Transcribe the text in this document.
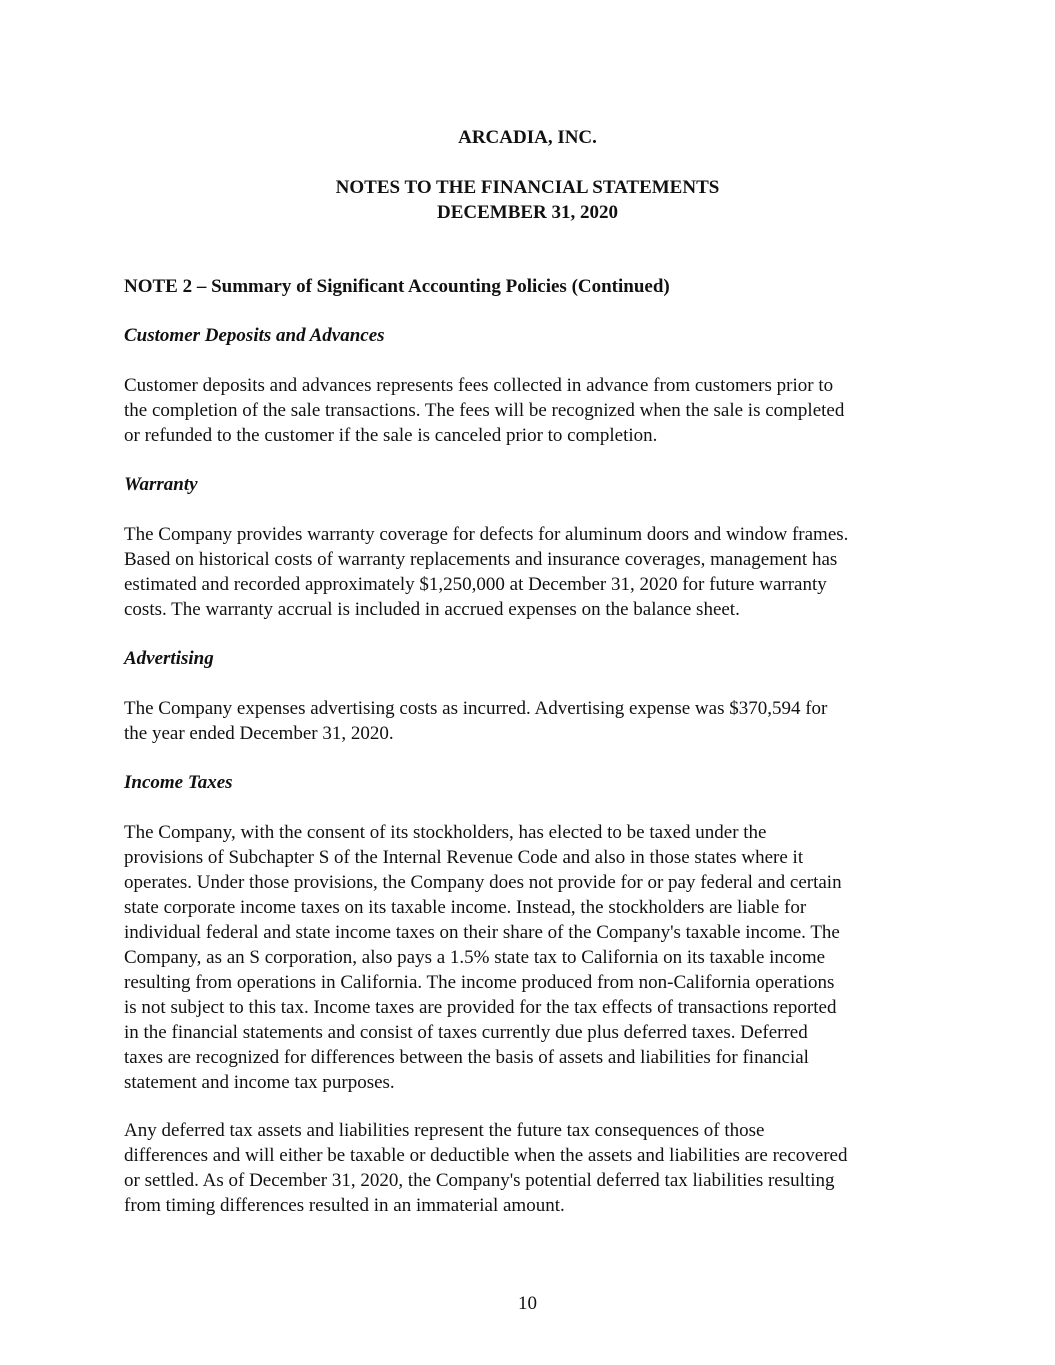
ARCADIA, INC.
NOTES TO THE FINANCIAL STATEMENTS
DECEMBER 31, 2020
NOTE 2 – Summary of Significant Accounting Policies (Continued)
Customer Deposits and Advances
Customer deposits and advances represents fees collected in advance from customers prior to
the completion of the sale transactions. The fees will be recognized when the sale is completed
or refunded to the customer if the sale is canceled prior to completion.
Warranty
The Company provides warranty coverage for defects for aluminum doors and window frames.
Based on historical costs of warranty replacements and insurance coverages, management has
estimated and recorded approximately $1,250,000 at December 31, 2020 for future warranty
costs. The warranty accrual is included in accrued expenses on the balance sheet.
Advertising
The Company expenses advertising costs as incurred. Advertising expense was $370,594 for
the year ended December 31, 2020.
Income Taxes
The Company, with the consent of its stockholders, has elected to be taxed under the
provisions of Subchapter S of the Internal Revenue Code and also in those states where it
operates. Under those provisions, the Company does not provide for or pay federal and certain
state corporate income taxes on its taxable income. Instead, the stockholders are liable for
individual federal and state income taxes on their share of the Company's taxable income. The
Company, as an S corporation, also pays a 1.5% state tax to California on its taxable income
resulting from operations in California. The income produced from non-California operations
is not subject to this tax. Income taxes are provided for the tax effects of transactions reported
in the financial statements and consist of taxes currently due plus deferred taxes. Deferred
taxes are recognized for differences between the basis of assets and liabilities for financial
statement and income tax purposes.
Any deferred tax assets and liabilities represent the future tax consequences of those
differences and will either be taxable or deductible when the assets and liabilities are recovered
or settled. As of December 31, 2020, the Company's potential deferred tax liabilities resulting
from timing differences resulted in an immaterial amount.
10
